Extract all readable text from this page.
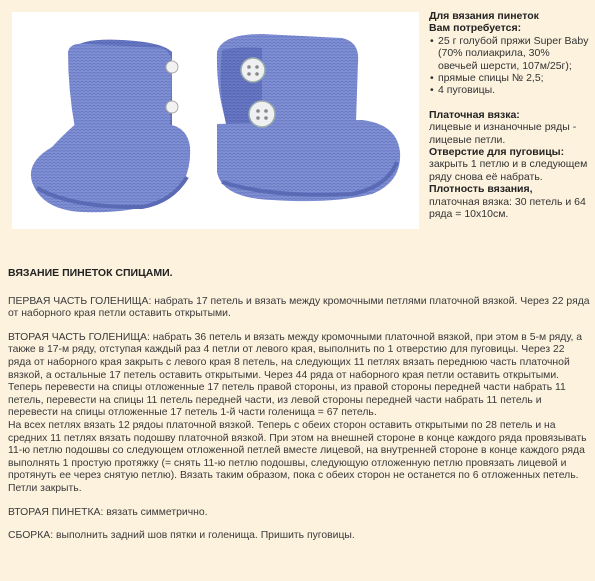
Для вязания пинеток
Вам потребуется:
• 25 г голубой пряжи Super Baby (70% полиакрила, 30% овечьей шерсти, 107м/25г);
• прямые спицы № 2,5;
• 4 пуговицы.
Платочная вязка:
лицевые и изнаночные ряды - лицевые петли.
Отверстие для пуговицы:
закрыть 1 петлю и в следующем ряду снова её набрать.
Плотность вязания,
платочная вязка: 30 петель и 64 ряда = 10x10см.
ВЯЗАНИЕ ПИНЕТОК СПИЦАМИ.

ПЕРВАЯ ЧАСТЬ ГОЛЕНИЩА: набрать 17 петель и вязать между кромочными петлями платочной вязкой. Через 22 ряда от наборного края петли оставить открытыми.

ВТОРАЯ ЧАСТЬ ГОЛЕНИЩА: набрать 36 петель и вязать между кромочными платочной вязкой, при этом в 5-м ряду, а также в 17-м ряду, отступая каждый раз 4 петли от левого края, выполнить по 1 отверстию для пуговицы. Через 22 ряда от наборного края закрыть с левого края 8 петель, на следующих 11 петлях вязать переднюю часть платочной вязкой, а остальные 17 петель оставить открытыми. Через 44 ряда от наборного края петли оставить открытыми. Теперь перевести на спицы отложенные 17 петель правой стороны, из правой стороны передней части набрать 11 петель, перевести на спицы 11 петель передней части, из левой стороны передней части набрать 11 петель и перевести на спицы отложенные 17 петель 1-й части голенища = 67 петель.

На всех петлях вязать 12 рядоы платочной вязкой. Теперь с обеих сторон оставить открытыми по 28 петель и на средних 11 петлях вязать подошву платочной вязкой. При этом на внешней стороне в конце каждого ряда провязывать 11-ю петлю подошвы со следующем отложенной петлей вместе лицевой, на внутренней стороне в конце каждого ряда выполнять 1 простую протяжку (= снять 11-ю петлю подошвы, следующую отложенную петлю провязать лицевой и протянуть ее через снятую петлю). Вязать таким образом, пока с обеих сторон не останется по 6 отложенных петель. Петли закрыть.

ВТОРАЯ ПИНЕТКА: вязать симметрично.

СБОРКА: выполнить задний шов пятки и голенища. Пришить пуговицы.
